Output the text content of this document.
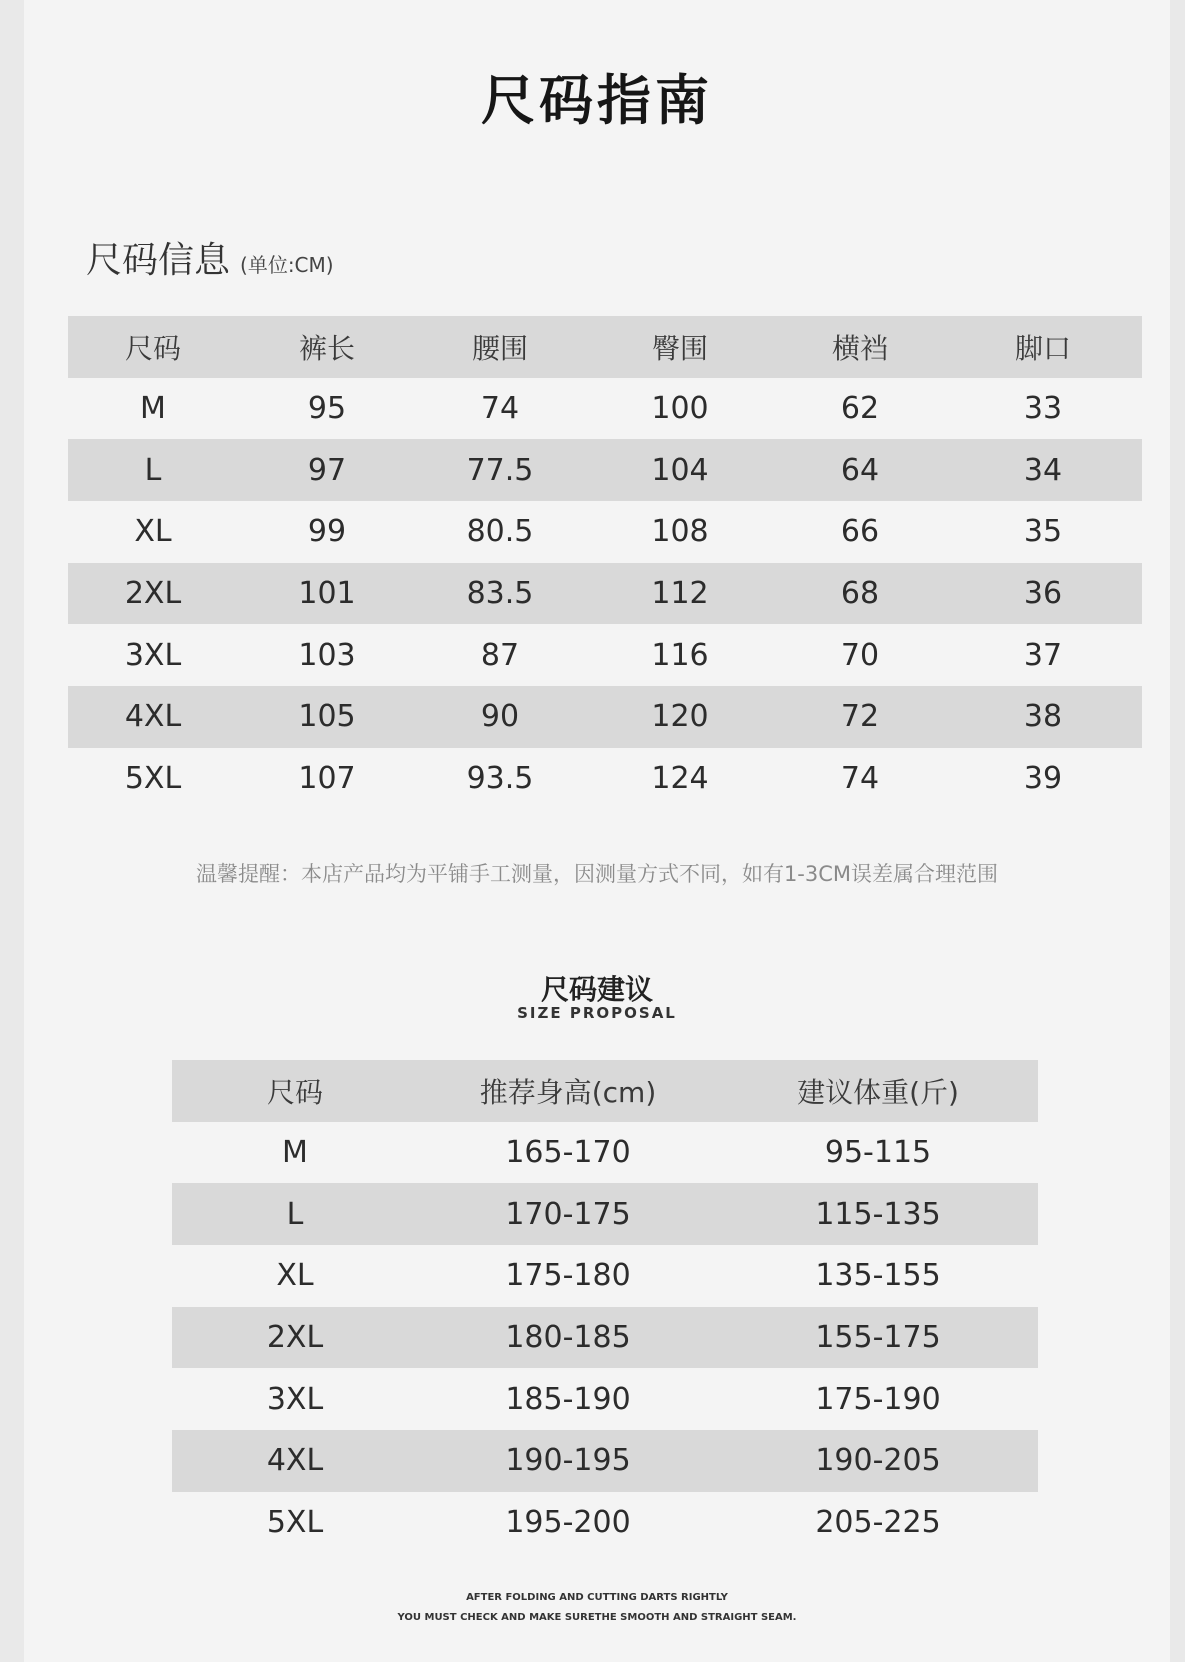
尺码指南
尺码信息 (单位:CM)
尺码	裤长	腰围	臀围	横裆	脚口
M	95	74	100	62	33
L	97	77.5	104	64	34
XL	99	80.5	108	66	35
2XL	101	83.5	112	68	36
3XL	103	87	116	70	37
4XL	105	90	120	72	38
5XL	107	93.5	124	74	39
温馨提醒：本店产品均为平铺手工测量，因测量方式不同，如有1-3CM误差属合理范围
尺码建议
SIZE PROPOSAL
尺码	推荐身高(cm)	建议体重(斤)
M	165-170	95-115
L	170-175	115-135
XL	175-180	135-155
2XL	180-185	155-175
3XL	185-190	175-190
4XL	190-195	190-205
5XL	195-200	205-225
AFTER FOLDING AND CUTTING DARTS RIGHTLY
YOU MUST CHECK AND MAKE SURETHE SMOOTH AND STRAIGHT SEAM.
